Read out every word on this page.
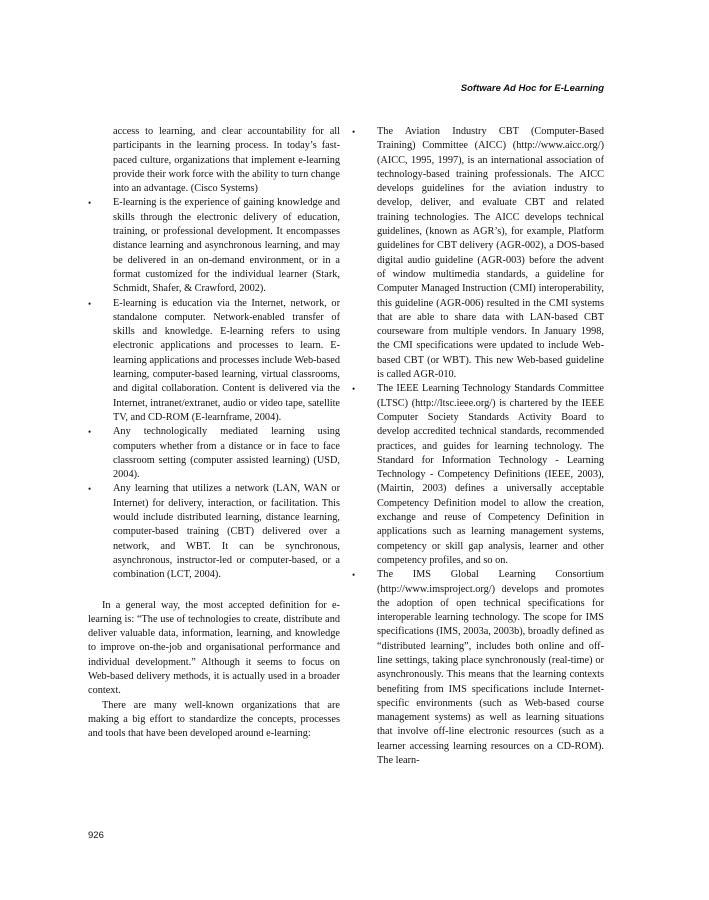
Software Ad Hoc for E-Learning

access to learning, and clear accountability for all participants in the learning process. In today’s fast-paced culture, organizations that implement e-learning provide their work force with the ability to turn change into an advantage. (Cisco Systems)

•	E-learning is the experience of gaining knowledge and skills through the electronic delivery of education, training, or professional development. It encompasses distance learning and asynchronous learning, and may be delivered in an on-demand environment, or in a format customized for the individual learner (Stark, Schmidt, Shafer, & Crawford, 2002).
•	E-learning is education via the Internet, network, or standalone computer. Network-enabled transfer of skills and knowledge. E-learning refers to using electronic applications and processes to learn. E-learning applications and processes include Web-based learning, computer-based learning, virtual classrooms, and digital collaboration. Content is delivered via the Internet, intranet/extranet, audio or video tape, satellite TV, and CD-ROM (E-learnframe, 2004).
•	Any technologically mediated learning using computers whether from a distance or in face to face classroom setting (computer assisted learning) (USD, 2004).
•	Any learning that utilizes a network (LAN, WAN or Internet) for delivery, interaction, or facilitation. This would include distributed learning, distance learning, computer-based training (CBT) delivered over a network, and WBT. It can be synchronous, asynchronous, instructor-led or computer-based, or a combination (LCT, 2004).

In a general way, the most accepted definition for e-learning is: “The use of technologies to create, distribute and deliver valuable data, information, learning, and knowledge to improve on-the-job and organisational performance and individual development.” Although it seems to focus on Web-based delivery methods, it is actually used in a broader context.

There are many well-known organizations that are making a big effort to standardize the concepts, processes and tools that have been developed around e-learning:

•	The Aviation Industry CBT (Computer-Based Training) Committee (AICC) (http://www.aicc.org/) (AICC, 1995, 1997), is an international association of technology-based training professionals. The AICC develops guidelines for the aviation industry to develop, deliver, and evaluate CBT and related training technologies. The AICC develops technical guidelines, (known as AGR’s), for example, Platform guidelines for CBT delivery (AGR-002), a DOS-based digital audio guideline (AGR-003) before the advent of window multimedia standards, a guideline for Computer Managed Instruction (CMI) interoperability, this guideline (AGR-006) resulted in the CMI systems that are able to share data with LAN-based CBT courseware from multiple vendors. In January 1998, the CMI specifications were updated to include Web-based CBT (or WBT). This new Web-based guideline is called AGR-010.
•	The IEEE Learning Technology Standards Committee (LTSC) (http://ltsc.ieee.org/) is chartered by the IEEE Computer Society Standards Activity Board to develop accredited technical standards, recommended practices, and guides for learning technology. The Standard for Information Technology - Learning Technology - Competency Definitions (IEEE, 2003), (Mairtin, 2003) defines a universally acceptable Competency Definition model to allow the creation, exchange and reuse of Competency Definition in applications such as learning management systems, competency or skill gap analysis, learner and other competency profiles, and so on.
•	The IMS Global Learning Consortium (http://www.imsproject.org/) develops and promotes the adoption of open technical specifications for interoperable learning technology. The scope for IMS specifications (IMS, 2003a, 2003b), broadly defined as “distributed learning”, includes both online and off-line settings, taking place synchronously (real-time) or asynchronously. This means that the learning contexts benefiting from IMS specifications include Internet-specific environments (such as Web-based course management systems) as well as learning situations that involve off-line electronic resources (such as a learner accessing learning resources on a CD-ROM). The learn-
926
